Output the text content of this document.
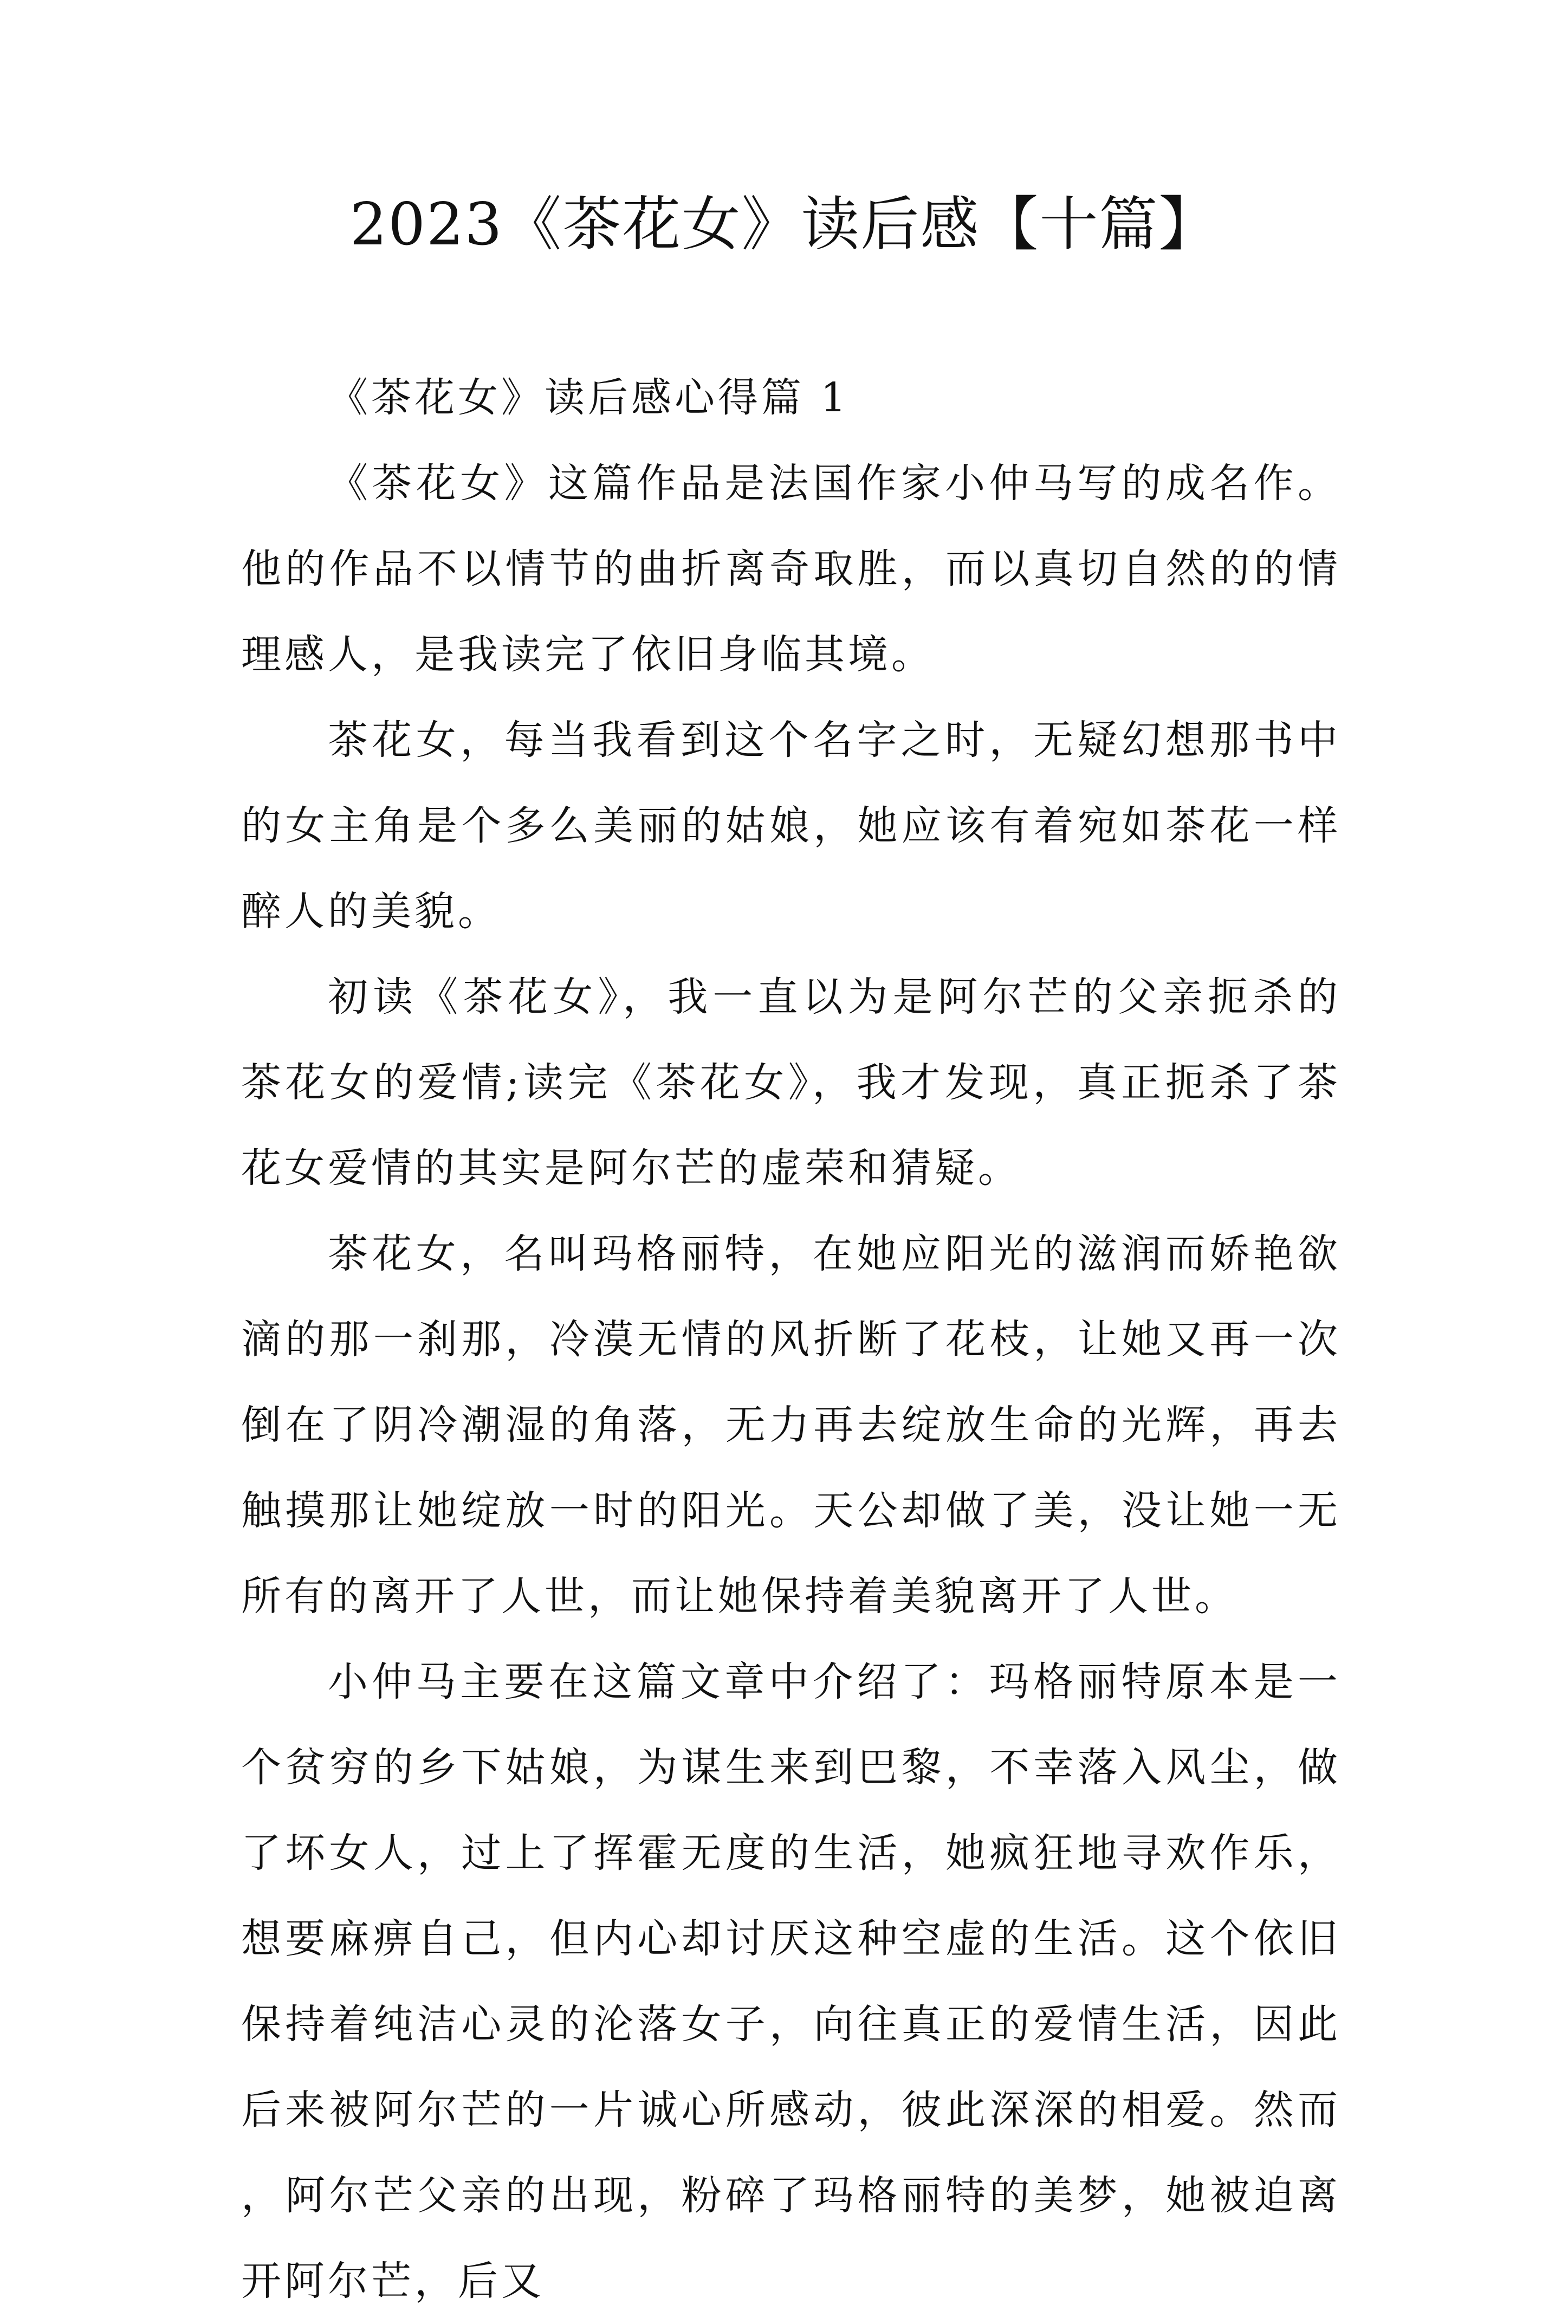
2023《茶花女》读后感【十篇】

《茶花女》读后感心得篇 1

《茶花女》这篇作品是法国作家小仲马写的成名作。他的作品不以情节的曲折离奇取胜，而以真切自然的的情理感人，是我读完了依旧身临其境。

茶花女，每当我看到这个名字之时，无疑幻想那书中的女主角是个多么美丽的姑娘，她应该有着宛如茶花一样醉人的美貌。

初读《茶花女》，我一直以为是阿尔芒的父亲扼杀的茶花女的爱情;读完《茶花女》，我才发现，真正扼杀了茶花女爱情的其实是阿尔芒的虚荣和猜疑。

茶花女，名叫玛格丽特，在她应阳光的滋润而娇艳欲滴的那一刹那，冷漠无情的风折断了花枝，让她又再一次倒在了阴冷潮湿的角落，无力再去绽放生命的光辉，再去触摸那让她绽放一时的阳光。天公却做了美，没让她一无所有的离开了人世，而让她保持着美貌离开了人世。

小仲马主要在这篇文章中介绍了：玛格丽特原本是一个贫穷的乡下姑娘，为谋生来到巴黎，不幸落入风尘，做了坏女人，过上了挥霍无度的生活，她疯狂地寻欢作乐，想要麻痹自己，但内心却讨厌这种空虚的生活。这个依旧保持着纯洁心灵的沦落女子，向往真正的爱情生活，因此后来被阿尔芒的一片诚心所感动，彼此深深的相爱。然而，阿尔芒父亲的出现，粉碎了玛格丽特的美梦，她被迫离开阿尔芒，后又
